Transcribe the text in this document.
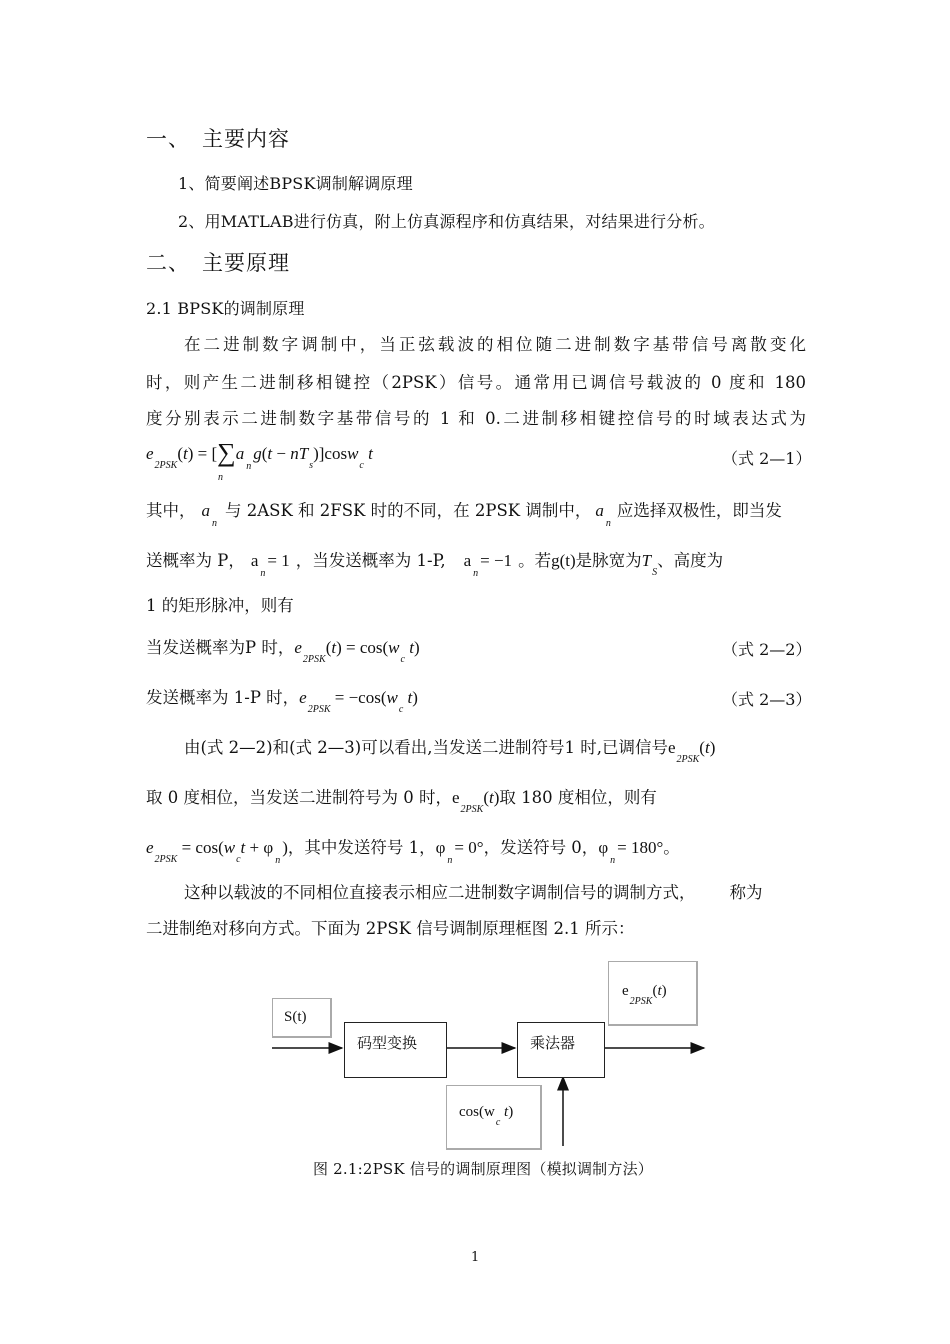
一、 主要内容
1、简要阐述BPSK调制解调原理
2、用MATLAB进行仿真，附上仿真源程序和仿真结果，对结果进行分析。
二、 主要原理
2.1 BPSK的调制原理
在二进制数字调制中，当正弦载波的相位随二进制数字基带信号离散变化
时，则产生二进制移相键控（2PSK）信号。通常用已调信号载波的 0 度和 180
度分别表示二进制数字基带信号的 1 和 0.二进制移相键控信号的时域表达式为
$e_{2PSK}(t) = [\sum a_ng(t - nT_s)]\cos w_c$ t
n
（式 2—1）
其中， $a_n$与 2ASK 和 2FSK 时的不同，在 2PSK 调制中， $a_n$应选择双极性，即当发
送概率为 P， $a_n= 1$ ，当发送概率为 1-P, $a_n= -1$ 。若g(t)是脉宽为$T_S$、高度为
1 的矩形脉冲，则有
当发送概率为P 时，$e_{2PSK}(t) = \cos(w_c$ t)	（式 2—2）
发送概率为 1-P 时，$e_{2PSK} = -\cos(w_c$ t)	（式 2—3）
由(式 2—2)和(式 2—3)可以看出,当发送二进制符号1 时,已调信号$e_{2PSK}(t)$
取 0 度相位，当发送二进制符号为 0 时，$e_{2PSK}(t)$取 180 度相位，则有
$e_{2PSK} = \cos(w_ct + \varphi_n)$，其中发送符号 1，$\varphi_n= 0^\circ$，发送符号 0，$\varphi_n= 180^\circ$。
这种以载波的不同相位直接表示相应二进制数字调制信号的调制方式， 称为
二进制绝对移向方式。下面为 2PSK 信号调制原理框图 2.1 所示：
S(t)
码型变换	乘法器
$e_{2PSK}(t)$
$\cos(w_c$ t)
图 2.1:2PSK 信号的调制原理图（模拟调制方法）
1
